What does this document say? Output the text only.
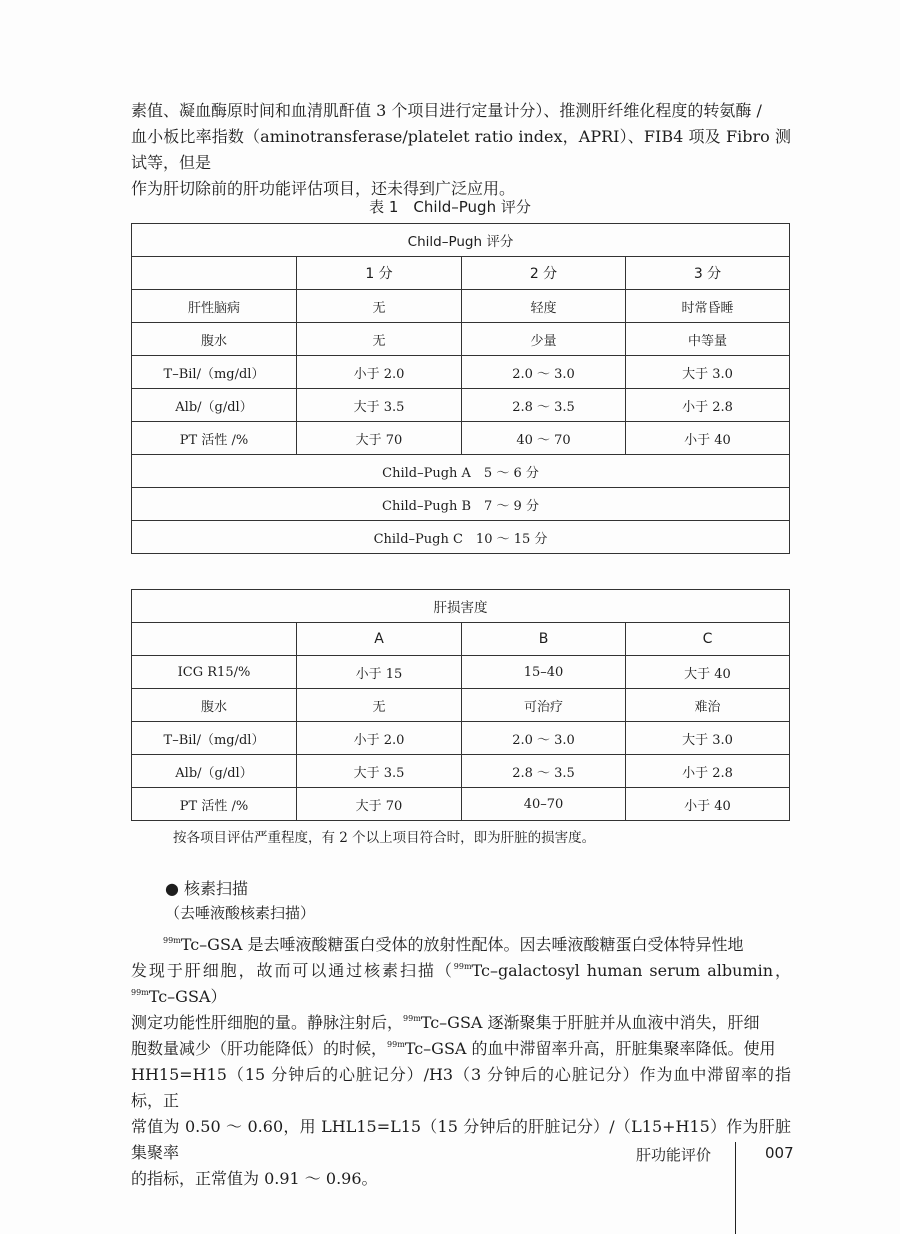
素值、凝血酶原时间和血清肌酐值 3 个项目进行定量计分）、推测肝纤维化程度的转氨酶 /

血小板比率指数（aminotransferase/platelet ratio index，APRI）、FIB4 项及 Fibro 测试等，但是

作为肝切除前的肝功能评估项目，还未得到广泛应用。

表 1　Child–Pugh 评分
Child–Pugh 评分			
	1 分	2 分	3 分
肝性脑病	无	轻度	时常昏睡
腹水	无	少量	中等量
T–Bil/（mg/dl）	小于 2.0	2.0 ～ 3.0	大于 3.0
Alb/（g/dl）	大于 3.5	2.8 ～ 3.5	小于 2.8
PT 活性 /%	大于 70	40 ～ 70	小于 40
Child–Pugh A　5 ～ 6 分			
Child–Pugh B　7 ～ 9 分			
Child–Pugh C　10 ～ 15 分			
肝损害度			
	A	B	C
ICG R15/%	小于 15	15–40	大于 40
腹水	无	可治疗	难治
T–Bil/（mg/dl）	小于 2.0	2.0 ～ 3.0	大于 3.0
Alb/（g/dl）	大于 3.5	2.8 ～ 3.5	小于 2.8
PT 活性 /%	大于 70	40–70	小于 40
按各项目评估严重程度，有 2 个以上项目符合时，即为肝脏的损害度。
● 核素扫描
（去唾液酸核素扫描）

$^{99m}$Tc–GSA 是去唾液酸糖蛋白受体的放射性配体。因去唾液酸糖蛋白受体特异性地

发现于肝细胞，故而可以通过核素扫描（$^{99m}$Tc–galactosyl human serum albumin，$^{99m}$Tc–GSA）

测定功能性肝细胞的量。静脉注射后，$^{99m}$Tc–GSA 逐渐聚集于肝脏并从血液中消失，肝细

胞数量减少（肝功能降低）的时候，$^{99m}$Tc–GSA 的血中滞留率升高，肝脏集聚率降低。使用

HH15=H15（15 分钟后的心脏记分）/H3（3 分钟后的心脏记分）作为血中滞留率的指标，正

常值为 0.50 ～ 0.60，用 LHL15=L15（15 分钟后的肝脏记分）/（L15+H15）作为肝脏集聚率

的指标，正常值为 0.91 ～ 0.96。

肝功能评价	007
